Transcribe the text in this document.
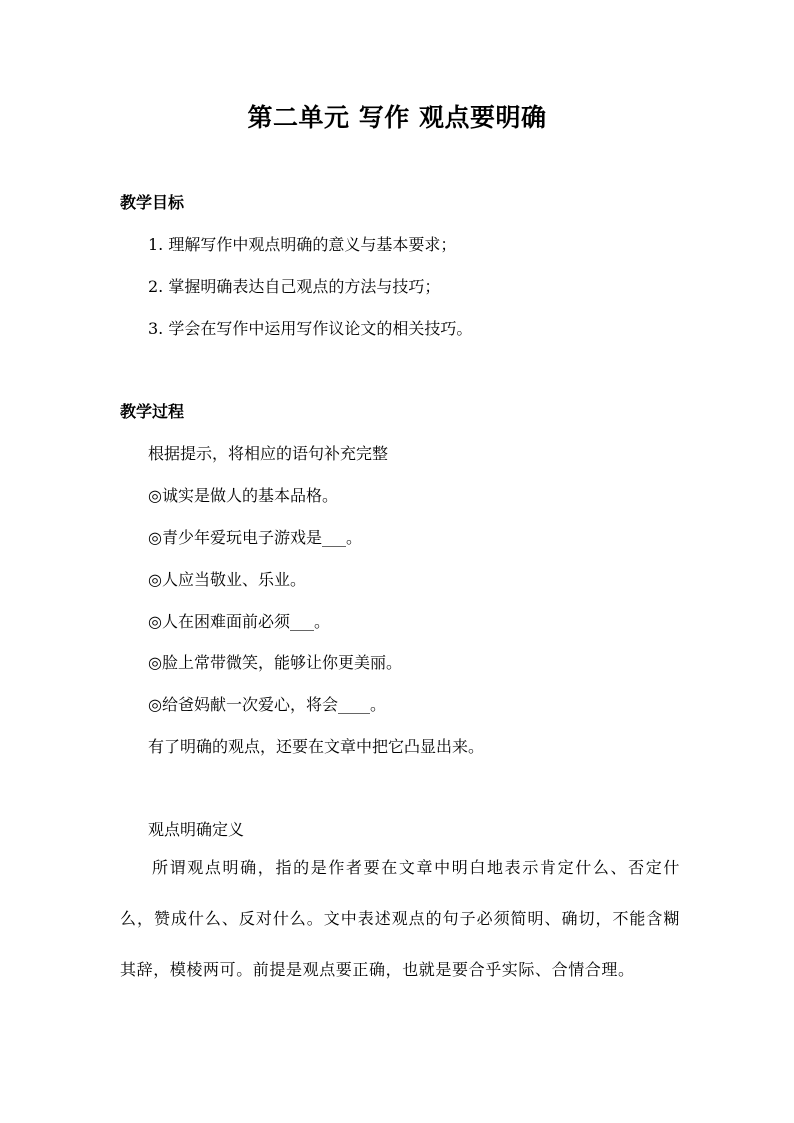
第二单元 写作 观点要明确
教学目标
1. 理解写作中观点明确的意义与基本要求；
2. 掌握明确表达自己观点的方法与技巧；
3. 学会在写作中运用写作议论文的相关技巧。
教学过程
根据提示，将相应的语句补充完整
◎诚实是做人的基本品格。
◎青少年爱玩电子游戏是___。
◎人应当敬业、乐业。
◎人在困难面前必须___。
◎脸上常带微笑，能够让你更美丽。
◎给爸妈献一次爱心，将会____。
有了明确的观点，还要在文章中把它凸显出来。
观点明确定义

所谓观点明确，指的是作者要在文章中明白地表示肯定什么、否定什么，赞成什么、反对什么。文中表述观点的句子必须简明、确切，不能含糊其辞，模棱两可。前提是观点要正确，也就是要合乎实际、合情合理。
